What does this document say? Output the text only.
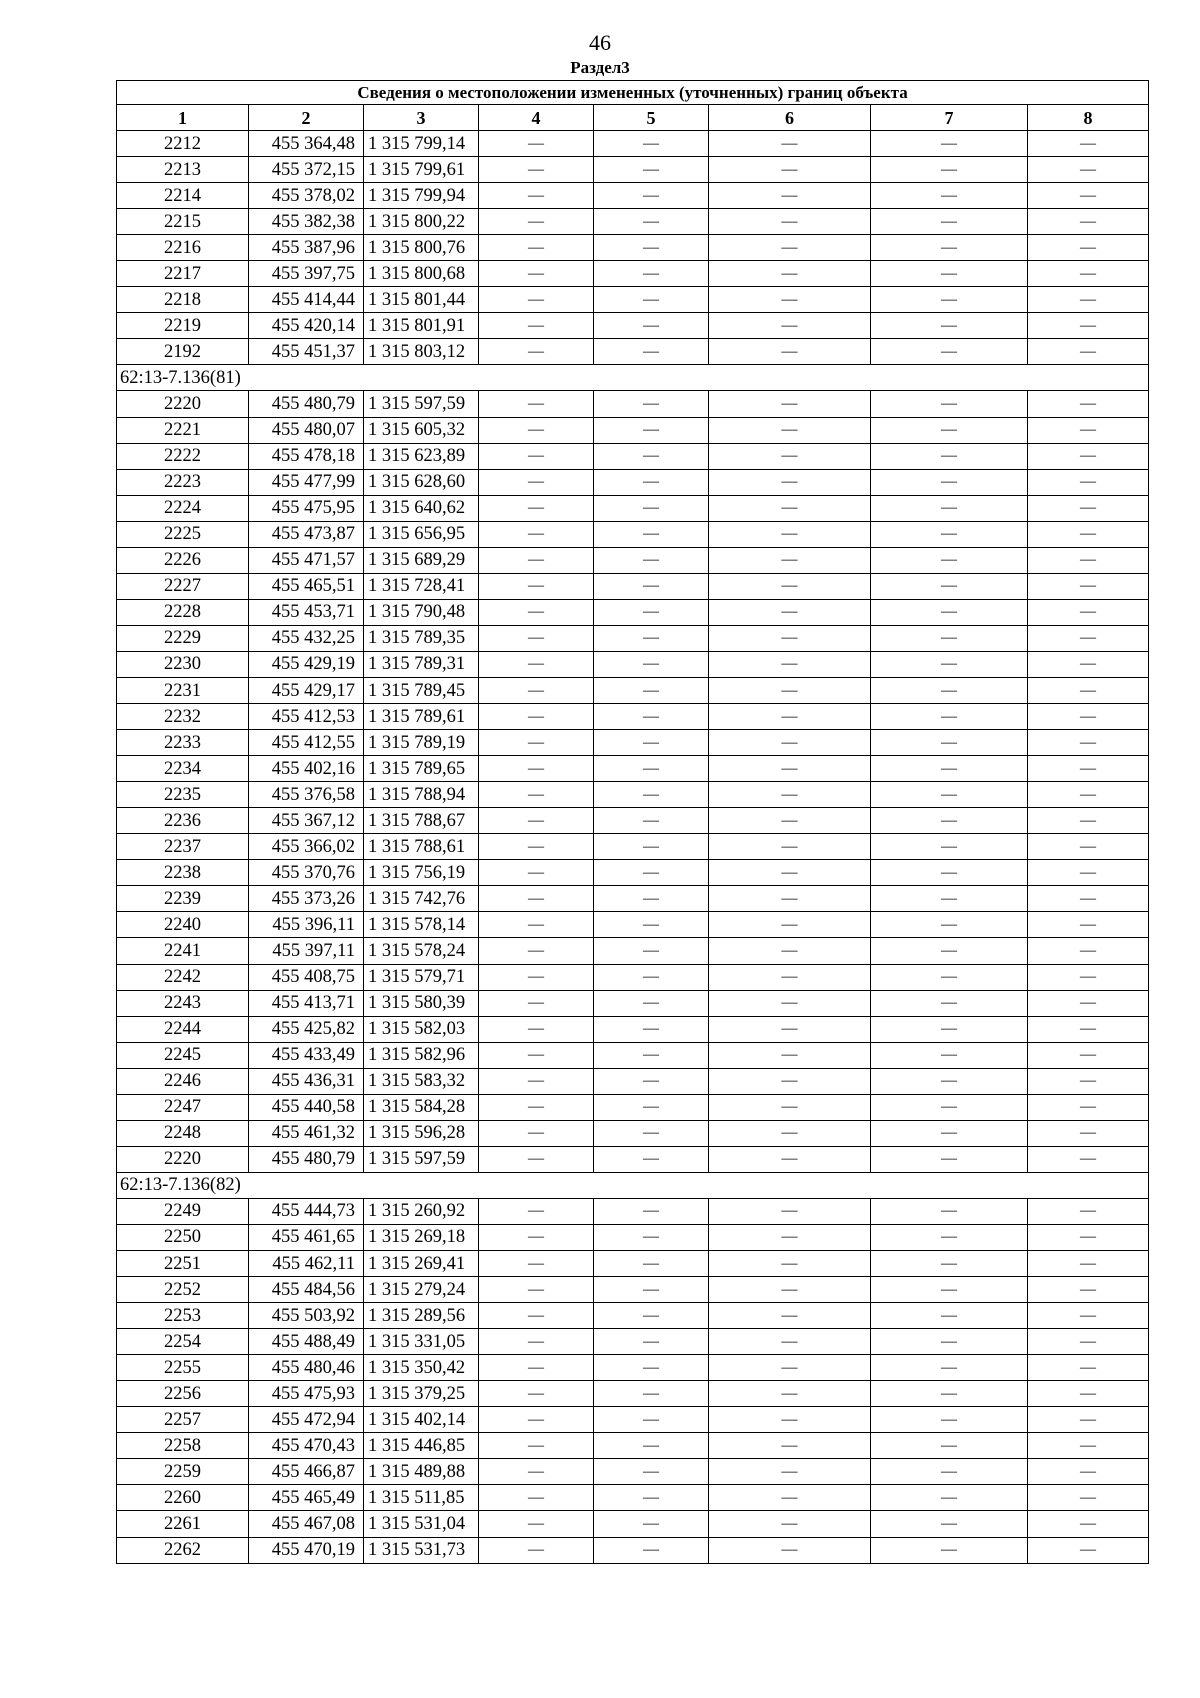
46
Раздел3
Сведения о местоположении измененных (уточненных) границ объекта							
1	2	3	4	5	6	7	8
2212	455 364,48	1 315 799,14	—	—	—	—	—
2213	455 372,15	1 315 799,61	—	—	—	—	—
2214	455 378,02	1 315 799,94	—	—	—	—	—
2215	455 382,38	1 315 800,22	—	—	—	—	—
2216	455 387,96	1 315 800,76	—	—	—	—	—
2217	455 397,75	1 315 800,68	—	—	—	—	—
2218	455 414,44	1 315 801,44	—	—	—	—	—
2219	455 420,14	1 315 801,91	—	—	—	—	—
2192	455 451,37	1 315 803,12	—	—	—	—	—
62:13-7.136(81)							
2220	455 480,79	1 315 597,59	—	—	—	—	—
2221	455 480,07	1 315 605,32	—	—	—	—	—
2222	455 478,18	1 315 623,89	—	—	—	—	—
2223	455 477,99	1 315 628,60	—	—	—	—	—
2224	455 475,95	1 315 640,62	—	—	—	—	—
2225	455 473,87	1 315 656,95	—	—	—	—	—
2226	455 471,57	1 315 689,29	—	—	—	—	—
2227	455 465,51	1 315 728,41	—	—	—	—	—
2228	455 453,71	1 315 790,48	—	—	—	—	—
2229	455 432,25	1 315 789,35	—	—	—	—	—
2230	455 429,19	1 315 789,31	—	—	—	—	—
2231	455 429,17	1 315 789,45	—	—	—	—	—
2232	455 412,53	1 315 789,61	—	—	—	—	—
2233	455 412,55	1 315 789,19	—	—	—	—	—
2234	455 402,16	1 315 789,65	—	—	—	—	—
2235	455 376,58	1 315 788,94	—	—	—	—	—
2236	455 367,12	1 315 788,67	—	—	—	—	—
2237	455 366,02	1 315 788,61	—	—	—	—	—
2238	455 370,76	1 315 756,19	—	—	—	—	—
2239	455 373,26	1 315 742,76	—	—	—	—	—
2240	455 396,11	1 315 578,14	—	—	—	—	—
2241	455 397,11	1 315 578,24	—	—	—	—	—
2242	455 408,75	1 315 579,71	—	—	—	—	—
2243	455 413,71	1 315 580,39	—	—	—	—	—
2244	455 425,82	1 315 582,03	—	—	—	—	—
2245	455 433,49	1 315 582,96	—	—	—	—	—
2246	455 436,31	1 315 583,32	—	—	—	—	—
2247	455 440,58	1 315 584,28	—	—	—	—	—
2248	455 461,32	1 315 596,28	—	—	—	—	—
2220	455 480,79	1 315 597,59	—	—	—	—	—
62:13-7.136(82)							
2249	455 444,73	1 315 260,92	—	—	—	—	—
2250	455 461,65	1 315 269,18	—	—	—	—	—
2251	455 462,11	1 315 269,41	—	—	—	—	—
2252	455 484,56	1 315 279,24	—	—	—	—	—
2253	455 503,92	1 315 289,56	—	—	—	—	—
2254	455 488,49	1 315 331,05	—	—	—	—	—
2255	455 480,46	1 315 350,42	—	—	—	—	—
2256	455 475,93	1 315 379,25	—	—	—	—	—
2257	455 472,94	1 315 402,14	—	—	—	—	—
2258	455 470,43	1 315 446,85	—	—	—	—	—
2259	455 466,87	1 315 489,88	—	—	—	—	—
2260	455 465,49	1 315 511,85	—	—	—	—	—
2261	455 467,08	1 315 531,04	—	—	—	—	—
2262	455 470,19	1 315 531,73	—	—	—	—	—
